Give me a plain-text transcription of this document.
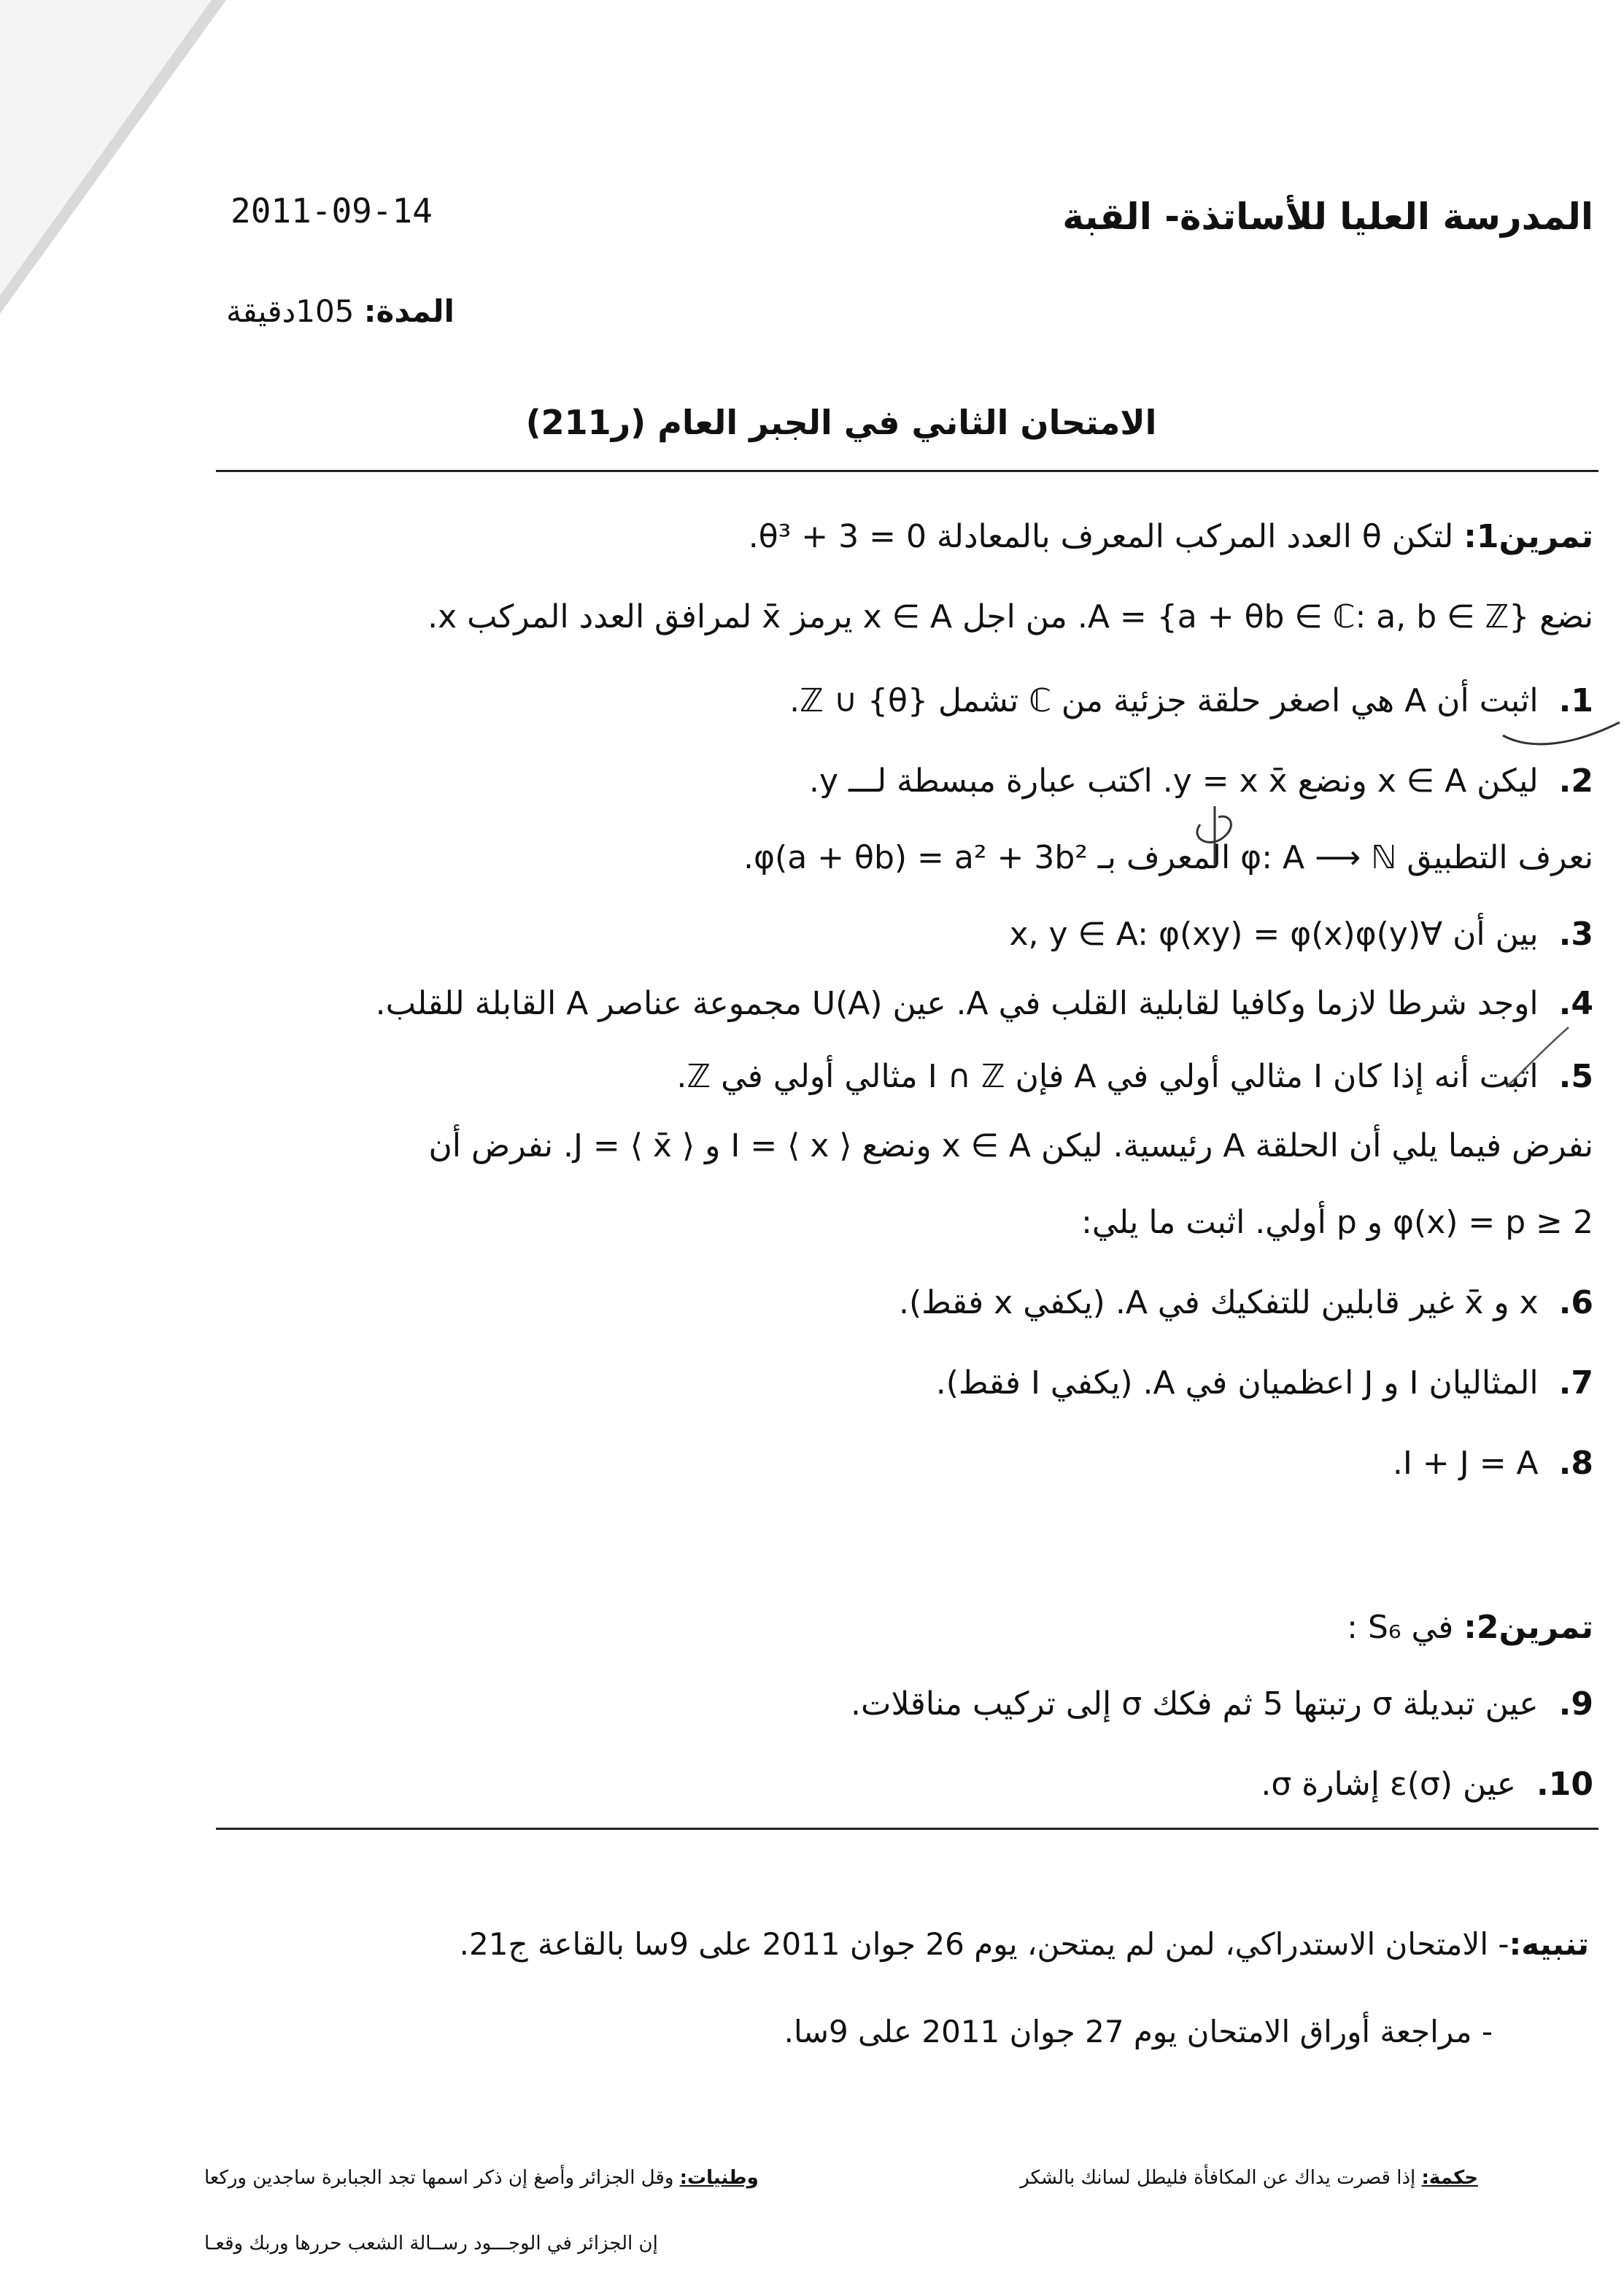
المدرسة العليا للأساتذة- القبة
2011-09-14
المدة: 105دقيقة
الامتحان الثاني في الجبر العام (ر211)
تمرين1: لتكن θ العدد المركب المعرف بالمعادلة θ³ + 3 = 0.
نضع A = {a + θb ∈ ℂ: a, b ∈ ℤ}. من اجل x ∈ A يرمز x̄ لمرافق العدد المركب x.
1.اثبت أن A هي اصغر حلقة جزئية من ℂ تشمل ℤ ∪ {θ}.
2.ليكن x ∈ A ونضع y = x x̄. اكتب عبارة مبسطة لـــ y.
نعرف التطبيق φ: A ⟶ ℕ المعرف بـ φ(a + θb) = a² + 3b².
3.بين أن ∀x, y ∈ A: φ(xy) = φ(x)φ(y)
4.اوجد شرطا لازما وكافيا لقابلية القلب في A. عين U(A) مجموعة عناصر A القابلة للقلب.
5.اثبت أنه إذا كان I مثالي أولي في A فإن I ∩ ℤ مثالي أولي في ℤ.
نفرض فيما يلي أن الحلقة A رئيسية. ليكن x ∈ A ونضع I = ⟨ x ⟩ و J = ⟨ x̄ ⟩. نفرض أن
φ(x) = p ≥ 2 و p أولي. اثبت ما يلي:
6.x و x̄ غير قابلين للتفكيك في A. (يكفي x فقط).
7.المثاليان I و J اعظميان في A. (يكفي I فقط).
8.I + J = A.
تمرين2: في S₆ :
9.عين تبديلة σ رتبتها 5 ثم فكك σ إلى تركيب مناقلات.
10.عين ε(σ) إشارة σ.
تنبيه:- الامتحان الاستدراكي، لمن لم يمتحن، يوم 26 جوان 2011 على 9سا بالقاعة ج21.
- مراجعة أوراق الامتحان يوم 27 جوان 2011 على 9سا.
حكمة: إذا قصرت يداك عن المكافأة فليطل لسانك بالشكر
وطنيات: وقل الجزائر وأصغ إن ذكر اسمها تجد الجبابرة ساجدين وركعا
إن الجزائر في الوجـــود رســالة الشعب حررها وربك وقعـا
